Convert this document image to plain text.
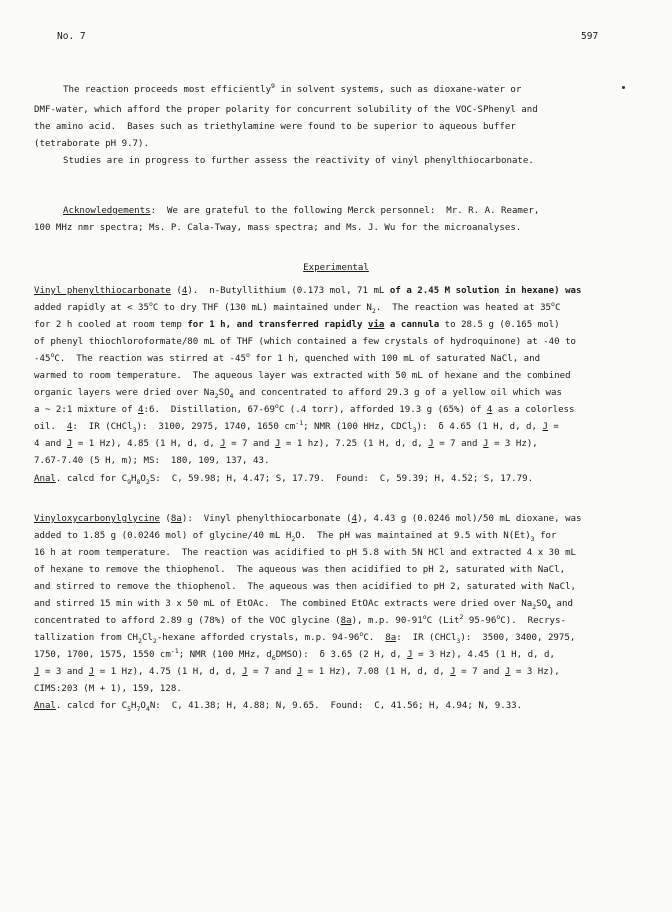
No. 7	597
The reaction proceeds most efficiently$^9$ in solvent systems, such as dioxane-water or
DMF-water, which afford the proper polarity for concurrent solubility of the VOC-SPhenyl and
the amino acid.  Bases such as triethylamine were found to be superior to aqueous buffer
(tetraborate pH 9.7).
Studies are in progress to further assess the reactivity of vinyl phenylthiocarbonate.
Acknowledgements:  We are grateful to the following Merck personnel:  Mr. R. A. Reamer,
100 MHz nmr spectra; Ms. P. Cala-Tway, mass spectra; and Ms. J. Wu for the microanalyses.
Experimental
Vinyl phenylthiocarbonate (4).  n-Butyllithium (0.173 mol, 71 mL of a 2.45 M solution in hexane) was
added rapidly at < $35^oC$ to dry THF (130 mL) maintained under $N_2$.  The reaction was heated at 35$^o$C
for 2 h cooled at room temp for 1 h, and transferred rapidly via a cannula to 28.5 g (0.165 mol)
of phenyl thiochloroformate/80 mL of THF (which contained a few crystals of hydroquinone) at -40 to
-45$^o$C.  The reaction was stirred at -45$^o$ for 1 h, quenched with 100 mL of saturated NaCl, and
warmed to room temperature.  The aqueous layer was extracted with 50 mL of hexane and the combined
organic layers were dried over $Na_2SO_4$ and concentrated to afford 29.3 g of a yellow oil which was
a ~ 2:1 mixture of 4:6.  Distillation, 67-69$^o$C (.4 torr), afforded 19.3 g (65%) of 4 as a colorless
oil.  4:  IR (CHCl$_3$):  3100, 2975, 1740, 1650 $cm^{-1}$; NMR (100 HHz, CDCl$_3$):  δ 4.65 (1 H, d, d, J =
4 and J = 1 Hz), 4.85 (1 H, d, d, J = 7 and J = 1 hz), 7.25 (1 H, d, d, J = 7 and J = 3 Hz),
7.67-7.40 (5 H, m); MS:  180, 109, 137, 43.
Anal. calcd for $C_9H_8O_2S$:  C, 59.98; H, 4.47; S, 17.79.  Found:  C, 59.39; H, 4.52; S, 17.79.
Vinyloxycarbonylglycine (8a):  Vinyl phenylthiocarbonate (4), 4.43 g (0.0246 mol)/50 mL dioxane, was
added to 1.85 g (0.0246 mol) of glycine/40 mL $H_2O$.  The pH was maintained at 9.5 with $N(Et)_3$ for
16 h at room temperature.  The reaction was acidified to pH 5.8 with 5N HCl and extracted 4 x 30 mL
of hexane to remove the thiophenol.  The aqueous was then acidified to pH 2, saturated with NaCl,
and stirred to remove the thiophenol.  The aqueous was then acidified to pH 2, saturated with NaCl,
and stirred 15 min with 3 x 50 mL of EtOAc.  The combined EtOAc extracts were dried over $Na_2SO_4$ and
concentrated to afford 2.89 g (78%) of the VOC glycine (8a), m.p. 90-91$^o$C (Lit$^2$ 95-96$^o$C).  Recrys-
tallization from $CH_2Cl_2$-hexane afforded crystals, m.p. 94-96$^o$C.  8a:  IR (CHCl$_3$):  3500, 3400, 2975,
1750, 1700, 1575, 1550 $cm^{-1}$; NMR (100 MHz, $d_6DMSO$):  δ 3.65 (2 H, d, J = 3 Hz), 4.45 (1 H, d, d,
J = 3 and J = 1 Hz), 4.75 (1 H, d, d, J = 7 and J = 1 Hz), 7.08 (1 H, d, d, J = 7 and J = 3 Hz),
CIMS:203 (M + 1), 159, 128.
Anal. calcd for $C_5H_7O_4N$:  C, 41.38; H, 4.88; N, 9.65.  Found:  C, 41.56; H, 4.94; N, 9.33.
